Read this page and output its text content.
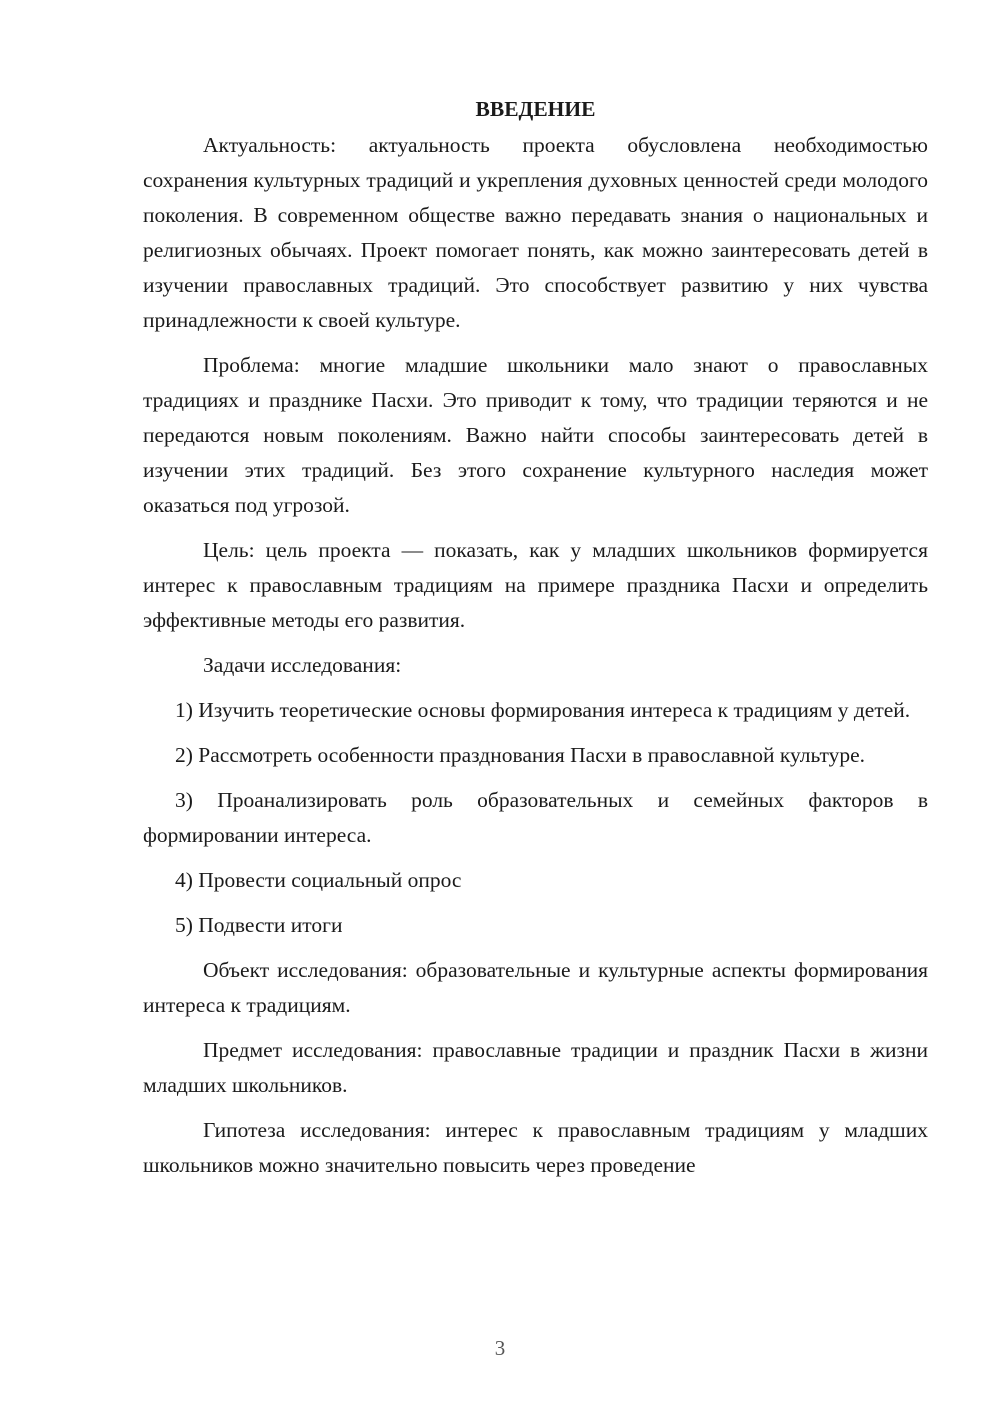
ВВЕДЕНИЕ

Актуальность: актуальность проекта обусловлена необходимостью сохранения культурных традиций и укрепления духовных ценностей среди молодого поколения. В современном обществе важно передавать знания о национальных и религиозных обычаях. Проект помогает понять, как можно заинтересовать детей в изучении православных традиций. Это способствует развитию у них чувства принадлежности к своей культуре.

Проблема: многие младшие школьники мало знают о православных традициях и празднике Пасхи. Это приводит к тому, что традиции теряются и не передаются новым поколениям. Важно найти способы заинтересовать детей в изучении этих традиций. Без этого сохранение культурного наследия может оказаться под угрозой.

Цель: цель проекта — показать, как у младших школьников формируется интерес к православным традициям на примере праздника Пасхи и определить эффективные методы его развития.

Задачи исследования:

1) Изучить теоретические основы формирования интереса к традициям у детей.

2) Рассмотреть особенности празднования Пасхи в православной культуре.

3) Проанализировать роль образовательных и семейных факторов в формировании интереса.

4) Провести социальный опрос

5) Подвести итоги

Объект исследования: образовательные и культурные аспекты формирования интереса к традициям.

Предмет исследования: православные традиции и праздник Пасхи в жизни младших школьников.

Гипотеза исследования: интерес к православным традициям у младших школьников можно значительно повысить через проведение

3
